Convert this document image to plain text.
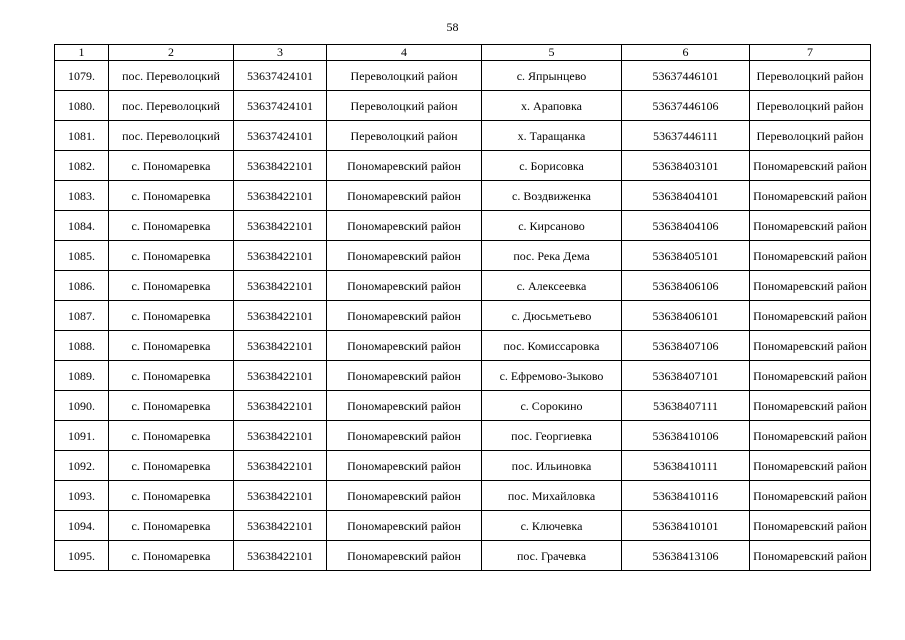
58
1	2	3	4	5	6	7
1079.	пос. Переволоцкий	53637424101	Переволоцкий район	с. Япрынцево	53637446101	Переволоцкий район
1080.	пос. Переволоцкий	53637424101	Переволоцкий район	х. Араповка	53637446106	Переволоцкий район
1081.	пос. Переволоцкий	53637424101	Переволоцкий район	х. Таращанка	53637446111	Переволоцкий район
1082.	с. Пономаревка	53638422101	Пономаревский район	с. Борисовка	53638403101	Пономаревский район
1083.	с. Пономаревка	53638422101	Пономаревский район	с. Воздвиженка	53638404101	Пономаревский район
1084.	с. Пономаревка	53638422101	Пономаревский район	с. Кирсаново	53638404106	Пономаревский район
1085.	с. Пономаревка	53638422101	Пономаревский район	пос. Река Дема	53638405101	Пономаревский район
1086.	с. Пономаревка	53638422101	Пономаревский район	с. Алексеевка	53638406106	Пономаревский район
1087.	с. Пономаревка	53638422101	Пономаревский район	с. Дюсьметьево	53638406101	Пономаревский район
1088.	с. Пономаревка	53638422101	Пономаревский район	пос. Комиссаровка	53638407106	Пономаревский район
1089.	с. Пономаревка	53638422101	Пономаревский район	с. Ефремово-Зыково	53638407101	Пономаревский район
1090.	с. Пономаревка	53638422101	Пономаревский район	с. Сорокино	53638407111	Пономаревский район
1091.	с. Пономаревка	53638422101	Пономаревский район	пос. Георгиевка	53638410106	Пономаревский район
1092.	с. Пономаревка	53638422101	Пономаревский район	пос. Ильиновка	53638410111	Пономаревский район
1093.	с. Пономаревка	53638422101	Пономаревский район	пос. Михайловка	53638410116	Пономаревский район
1094.	с. Пономаревка	53638422101	Пономаревский район	с. Ключевка	53638410101	Пономаревский район
1095.	с. Пономаревка	53638422101	Пономаревский район	пос. Грачевка	53638413106	Пономаревский район
